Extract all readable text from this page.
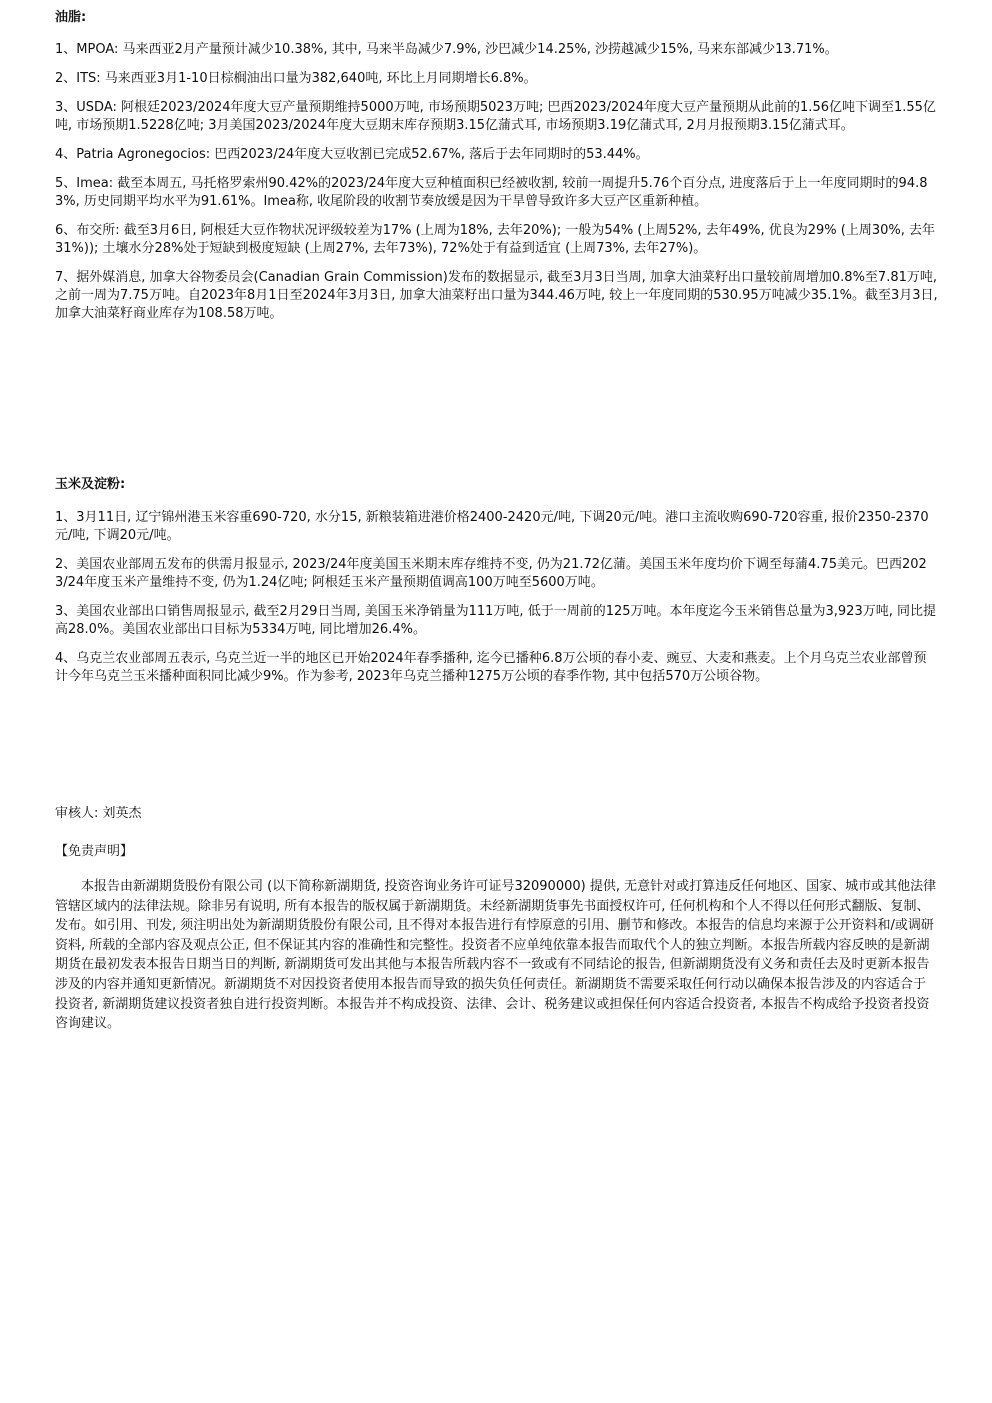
油脂:

1、MPOA: 马来西亚2月产量预计减少10.38%, 其中, 马来半岛减少7.9%, 沙巴减少14.25%, 沙捞越减少15%, 马来东部减少13.71%。

2、ITS: 马来西亚3月1-10日棕榈油出口量为382,640吨, 环比上月同期增长6.8%。

3、USDA: 阿根廷2023/2024年度大豆产量预期维持5000万吨, 市场预期5023万吨; 巴西2023/2024年度大豆产量预期从此前的1.56亿吨下调至1.55亿吨, 市场预期1.5228亿吨; 3月美国2023/2024年度大豆期末库存预期3.15亿蒲式耳, 市场预期3.19亿蒲式耳, 2月月报预期3.15亿蒲式耳。

4、Patria Agronegocios: 巴西2023/24年度大豆收割已完成52.67%, 落后于去年同期时的53.44%。

5、Imea: 截至本周五, 马托格罗索州90.42%的2023/24年度大豆种植面积已经被收割, 较前一周提升5.76个百分点, 进度落后于上一年度同期时的94.83%, 历史同期平均水平为91.61%。Imea称, 收尾阶段的收割节奏放缓是因为干旱曾导致许多大豆产区重新种植。

6、布交所: 截至3月6日, 阿根廷大豆作物状况评级较差为17% (上周为18%, 去年20%); 一般为54% (上周52%, 去年49%, 优良为29% (上周30%, 去年31%)); 土壤水分28%处于短缺到极度短缺 (上周27%, 去年73%), 72%处于有益到适宜 (上周73%, 去年27%)。

7、据外媒消息, 加拿大谷物委员会(Canadian Grain Commission)发布的数据显示, 截至3月3日当周, 加拿大油菜籽出口量较前周增加0.8%至7.81万吨, 之前一周为7.75万吨。自2023年8月1日至2024年3月3日, 加拿大油菜籽出口量为344.46万吨, 较上一年度同期的530.95万吨减少35.1%。截至3月3日, 加拿大油菜籽商业库存为108.58万吨。

玉米及淀粉:

1、3月11日, 辽宁锦州港玉米容重690-720, 水分15, 新粮装箱进港价格2400-2420元/吨, 下调20元/吨。港口主流收购690-720容重, 报价2350-2370元/吨, 下调20元/吨。

2、美国农业部周五发布的供需月报显示, 2023/24年度美国玉米期末库存维持不变, 仍为21.72亿蒲。美国玉米年度均价下调至每蒲4.75美元。巴西2023/24年度玉米产量维持不变, 仍为1.24亿吨; 阿根廷玉米产量预期值调高100万吨至5600万吨。

3、美国农业部出口销售周报显示, 截至2月29日当周, 美国玉米净销量为111万吨, 低于一周前的125万吨。本年度迄今玉米销售总量为3,923万吨, 同比提高28.0%。美国农业部出口目标为5334万吨, 同比增加26.4%。

4、乌克兰农业部周五表示, 乌克兰近一半的地区已开始2024年春季播种, 迄今已播种6.8万公顷的春小麦、豌豆、大麦和燕麦。上个月乌克兰农业部曾预计今年乌克兰玉米播种面积同比减少9%。作为参考, 2023年乌克兰播种1275万公顷的春季作物, 其中包括570万公顷谷物。

审核人: 刘英杰
【免责声明】

本报告由新湖期货股份有限公司 (以下简称新湖期货, 投资咨询业务许可证号32090000) 提供, 无意针对或打算违反任何地区、国家、城市或其他法律管辖区域内的法律法规。除非另有说明, 所有本报告的版权属于新湖期货。未经新湖期货事先书面授权许可, 任何机构和个人不得以任何形式翻版、复制、发布。如引用、刊发, 须注明出处为新湖期货股份有限公司, 且不得对本报告进行有悖原意的引用、删节和修改。本报告的信息均来源于公开资料和/或调研资料, 所载的全部内容及观点公正, 但不保证其内容的准确性和完整性。投资者不应单纯依靠本报告而取代个人的独立判断。本报告所载内容反映的是新湖期货在最初发表本报告日期当日的判断, 新湖期货可发出其他与本报告所载内容不一致或有不同结论的报告, 但新湖期货没有义务和责任去及时更新本报告涉及的内容并通知更新情况。新湖期货不对因投资者使用本报告而导致的损失负任何责任。新湖期货不需要采取任何行动以确保本报告涉及的内容适合于投资者, 新湖期货建议投资者独自进行投资判断。本报告并不构成投资、法律、会计、税务建议或担保任何内容适合投资者, 本报告不构成给予投资者投资咨询建议。
